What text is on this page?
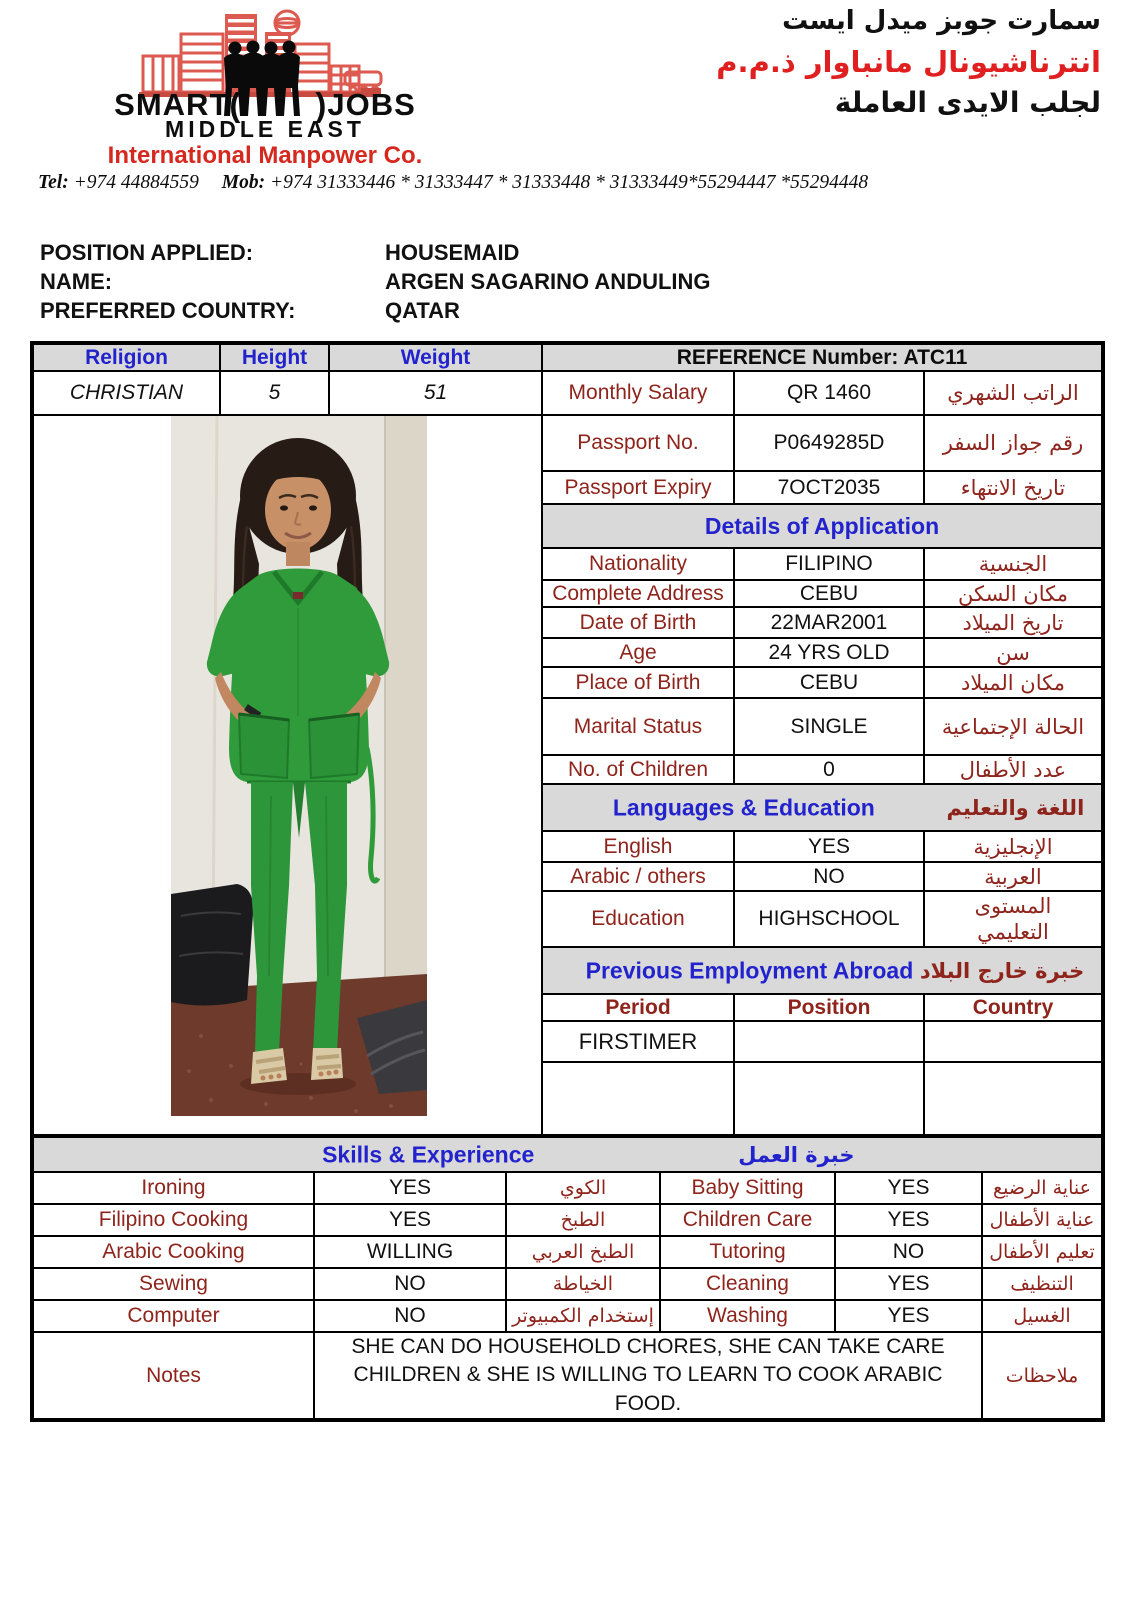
SMART ( ) JOBS
MIDDLE EAST
International Manpower Co.
سمارت جوبز ميدل ايست
انترناشيونال مانباوار ذ.م.م
لجلب الايدى العاملة
Tel: +974 44884559 Mob: +974 31333446 * 31333447 * 31333448 * 31333449*55294447 *55294448
POSITION APPLIED:	HOUSEMAID
NAME:	ARGEN SAGARINO ANDULING
PREFERRED COUNTRY:	QATAR
Religion	Height	Weight	REFERENCE Number: ATC11		
CHRISTIAN	5	51	Monthly Salary	QR 1460	الراتب الشهري

	Passport No.	P0649285D	رقم جواز السفر
			Passport Expiry	7OCT2035	تاريخ الانتهاء
			Details of Application		
			Nationality	FILIPINO	الجنسية
			Complete Address	CEBU	مكان السكن
			Date of Birth	22MAR2001	تاريخ الميلاد
			Age	24 YRS OLD	سن
			Place of Birth	CEBU	مكان الميلاد
			Marital Status	SINGLE	الحالة الإجتماعية
			No. of Children	0	عدد الأطفال

			Languages & Education اللغة والتعليم		

			English	YES	الإنجليزية
			Arabic / others	NO	العربية
			Education	HIGHSCHOOL	المستوى التعليمي

			Previous Employment Abroad خبرة خارج البلاد		

			Period	Position	Country
			FIRSTIMER		

Skills & Experience خبرة العمل					

Ironing	YES	الكوي	Baby Sitting	YES	عناية الرضيع
Filipino Cooking	YES	الطبخ	Children Care	YES	عناية الأطفال
Arabic Cooking	WILLING	الطبخ العربي	Tutoring	NO	تعليم الأطفال
Sewing	NO	الخياطة	Cleaning	YES	التنظيف
Computer	NO	إستخدام الكمبيوتر	Washing	YES	الغسيل
Notes	SHE CAN DO HOUSEHOLD CHORES, SHE CAN TAKE CARE CHILDREN & SHE IS WILLING TO LEARN TO COOK ARABIC FOOD.				ملاحظات
